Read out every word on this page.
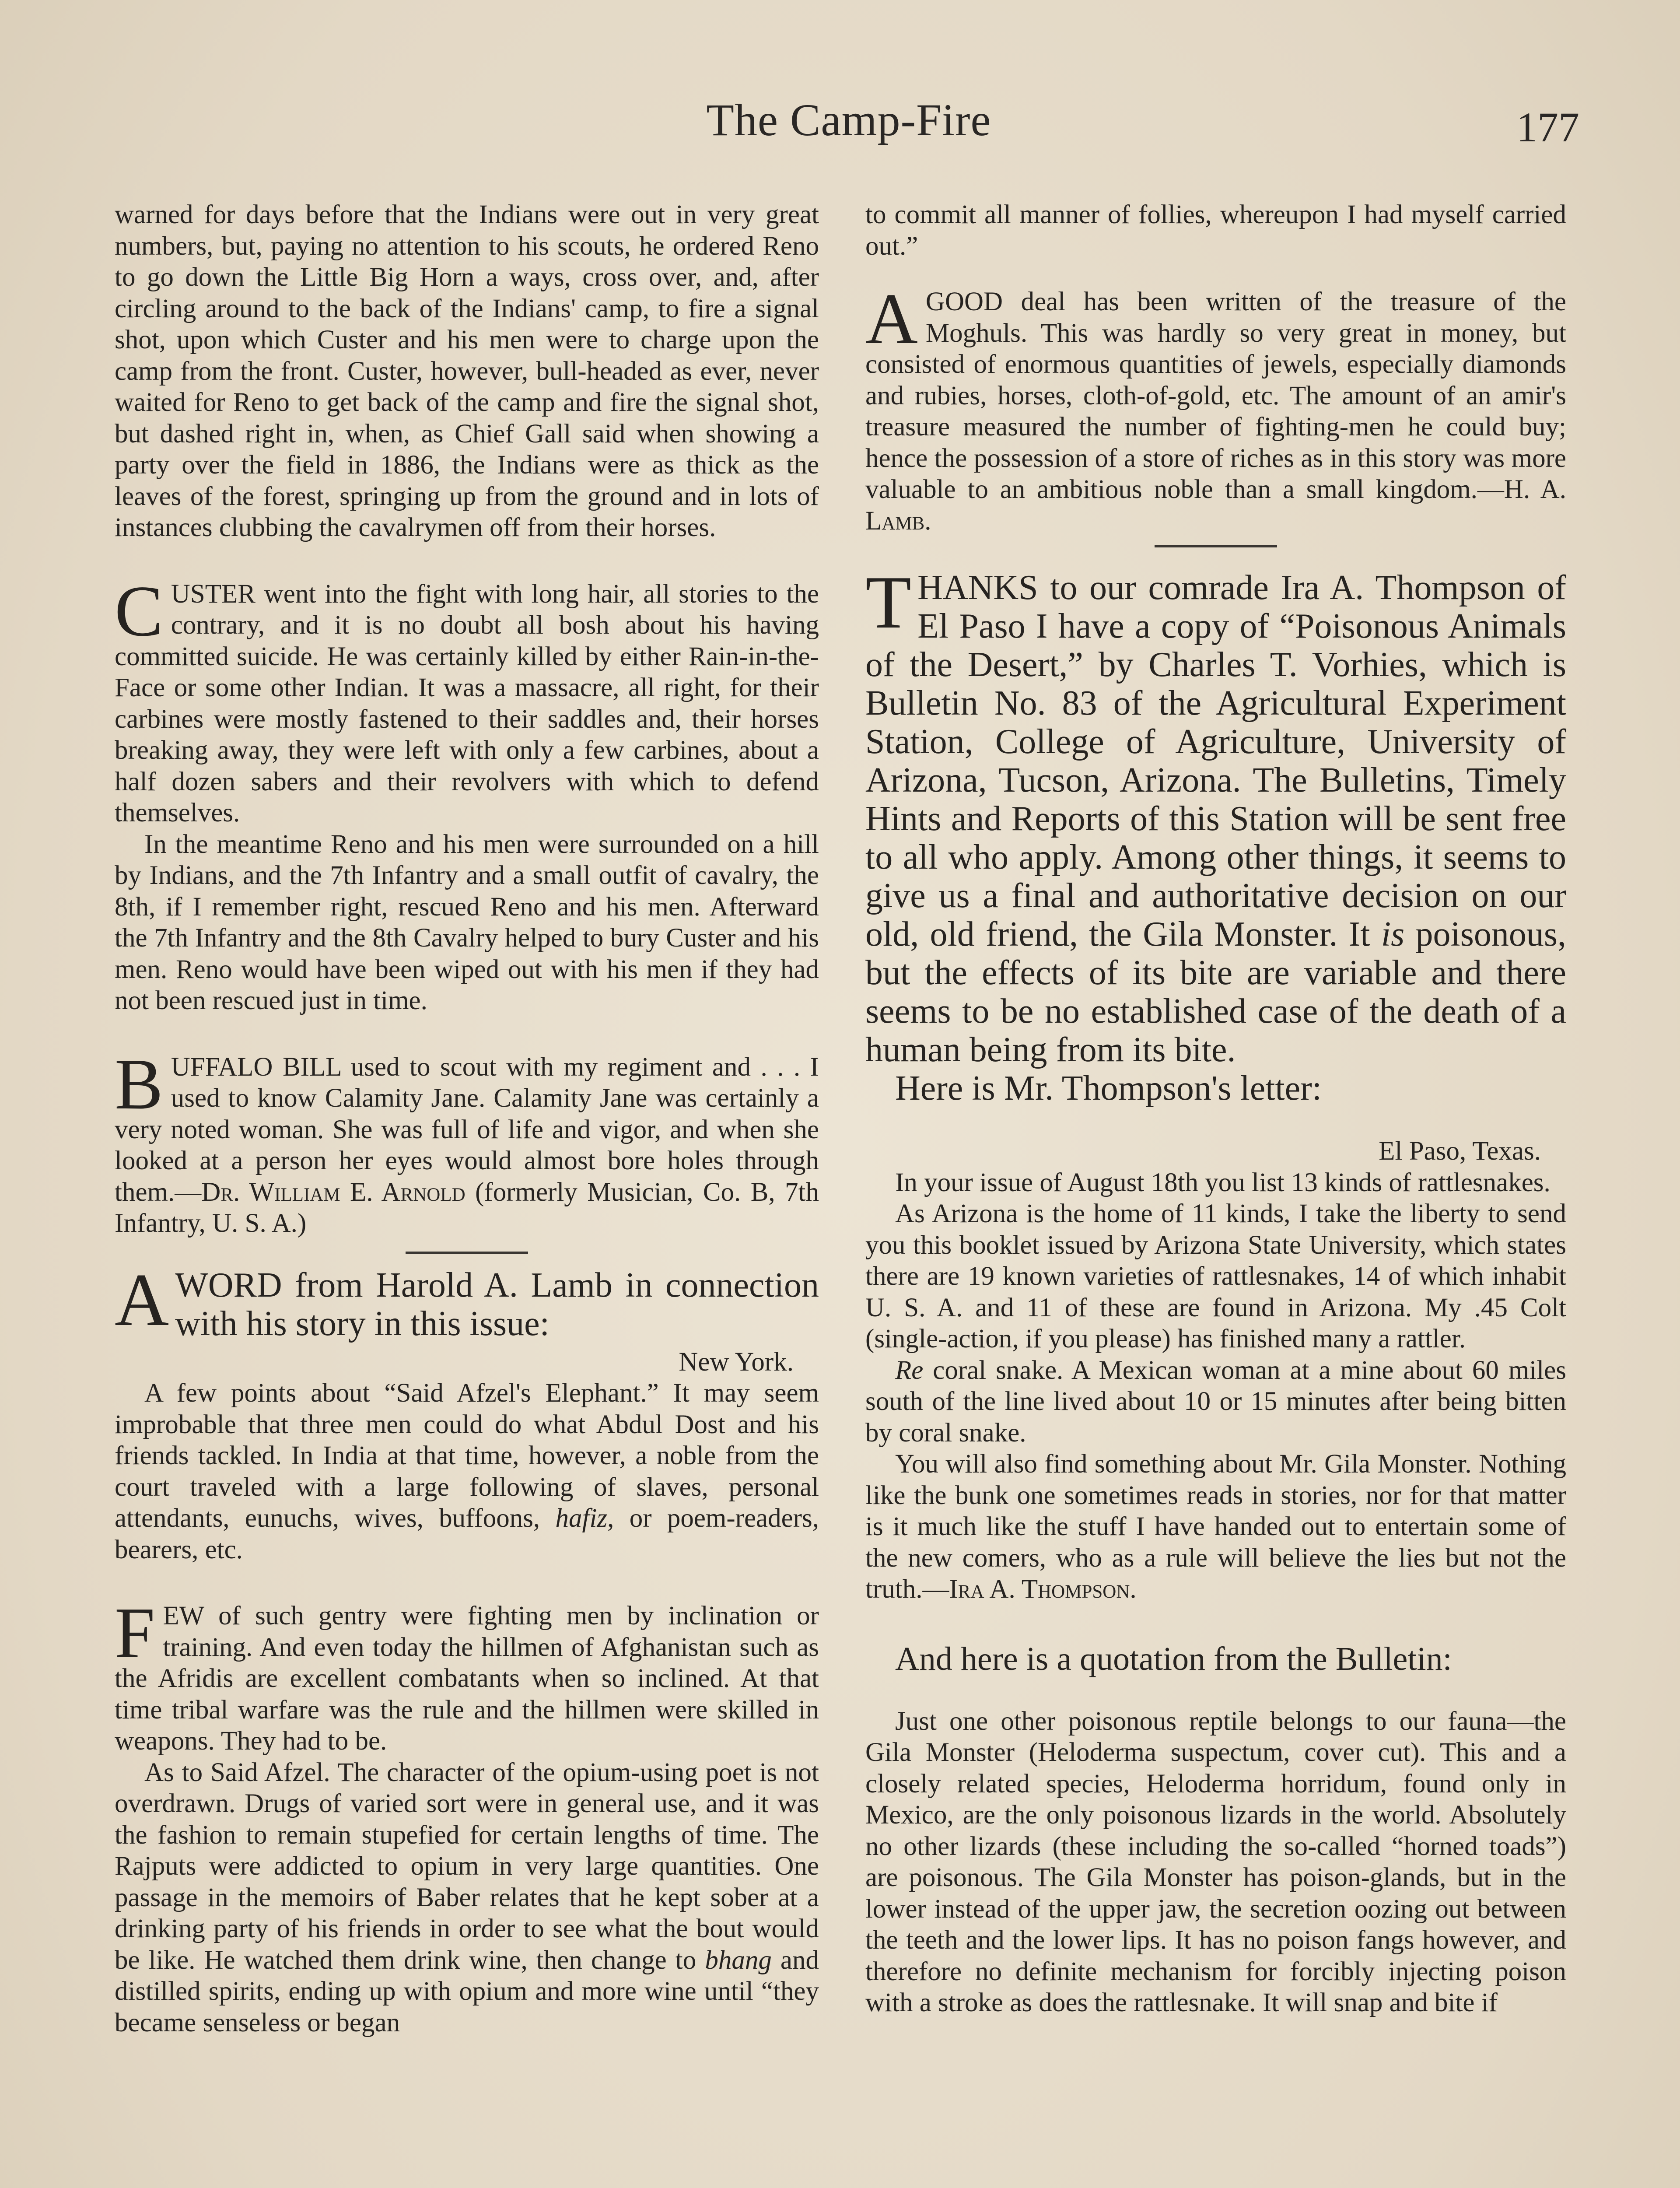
The Camp-Fire	177

warned for days before that the Indians were out in very great numbers, but, paying no attention to his scouts, he ordered Reno to go down the Little Big Horn a ways, cross over, and, after circling around to the back of the Indians' camp, to fire a signal shot, upon which Custer and his men were to charge upon the camp from the front. Custer, however, bull-headed as ever, never waited for Reno to get back of the camp and fire the signal shot, but dashed right in, when, as Chief Gall said when showing a party over the field in 1886, the Indians were as thick as the leaves of the forest, springing up from the ground and in lots of instances clubbing the cavalrymen off from their horses.

CUSTER went into the fight with long hair, all stories to the contrary, and it is no doubt all bosh about his having committed suicide. He was certainly killed by either Rain-in-the-Face or some other Indian. It was a massacre, all right, for their carbines were mostly fastened to their saddles and, their horses breaking away, they were left with only a few carbines, about a half dozen sabers and their revolvers with which to defend themselves.

In the meantime Reno and his men were surrounded on a hill by Indians, and the 7th Infantry and a small outfit of cavalry, the 8th, if I remember right, rescued Reno and his men. Afterward the 7th Infantry and the 8th Cavalry helped to bury Custer and his men. Reno would have been wiped out with his men if they had not been rescued just in time.

BUFFALO BILL used to scout with my regiment and . . . I used to know Calamity Jane. Calamity Jane was certainly a very noted woman. She was full of life and vigor, and when she looked at a person her eyes would almost bore holes through them.—Dr. William E. Arnold (formerly Musician, Co. B, 7th Infantry, U. S. A.)

AWORD from Harold A. Lamb in connection with his story in this issue:

New York.

A few points about “Said Afzel's Elephant.” It may seem improbable that three men could do what Abdul Dost and his friends tackled. In India at that time, however, a noble from the court traveled with a large following of slaves, personal attendants, eunuchs, wives, buffoons, hafiz, or poem-readers, bearers, etc.

FEW of such gentry were fighting men by inclination or training. And even today the hillmen of Afghanistan such as the Afridis are excellent combatants when so inclined. At that time tribal warfare was the rule and the hillmen were skilled in weapons. They had to be.

As to Said Afzel. The character of the opium-using poet is not overdrawn. Drugs of varied sort were in general use, and it was the fashion to remain stupefied for certain lengths of time. The Rajputs were addicted to opium in very large quantities. One passage in the memoirs of Baber relates that he kept sober at a drinking party of his friends in order to see what the bout would be like. He watched them drink wine, then change to bhang and distilled spirits, ending up with opium and more wine until “they became senseless or began

to commit all manner of follies, whereupon I had myself carried out.”

AGOOD deal has been written of the treasure of the Moghuls. This was hardly so very great in money, but consisted of enormous quantities of jewels, especially diamonds and rubies, horses, cloth-of-gold, etc. The amount of an amir's treasure measured the number of fighting-men he could buy; hence the possession of a store of riches as in this story was more valuable to an ambitious noble than a small kingdom.—H. A. Lamb.

THANKS to our comrade Ira A. Thompson of El Paso I have a copy of “Poisonous Animals of the Desert,” by Charles T. Vorhies, which is Bulletin No. 83 of the Agricultural Experiment Station, College of Agriculture, University of Arizona, Tucson, Arizona. The Bulletins, Timely Hints and Reports of this Station will be sent free to all who apply. Among other things, it seems to give us a final and authoritative decision on our old, old friend, the Gila Monster. It is poisonous, but the effects of its bite are variable and there seems to be no established case of the death of a human being from its bite.

Here is Mr. Thompson's letter:

El Paso, Texas.

In your issue of August 18th you list 13 kinds of rattlesnakes.

As Arizona is the home of 11 kinds, I take the liberty to send you this booklet issued by Arizona State University, which states there are 19 known varieties of rattlesnakes, 14 of which inhabit U. S. A. and 11 of these are found in Arizona. My .45 Colt (single-action, if you please) has finished many a rattler.

Re coral snake. A Mexican woman at a mine about 60 miles south of the line lived about 10 or 15 minutes after being bitten by coral snake.

You will also find something about Mr. Gila Monster. Nothing like the bunk one sometimes reads in stories, nor for that matter is it much like the stuff I have handed out to entertain some of the new comers, who as a rule will believe the lies but not the truth.—Ira A. Thompson.

And here is a quotation from the Bulletin:

Just one other poisonous reptile belongs to our fauna—the Gila Monster (Heloderma suspectum, cover cut). This and a closely related species, Heloderma horridum, found only in Mexico, are the only poisonous lizards in the world. Absolutely no other lizards (these including the so-called “horned toads”) are poisonous. The Gila Monster has poison-glands, but in the lower instead of the upper jaw, the secretion oozing out between the teeth and the lower lips. It has no poison fangs however, and therefore no definite mechanism for forcibly injecting poison with a stroke as does the rattlesnake. It will snap and bite if
